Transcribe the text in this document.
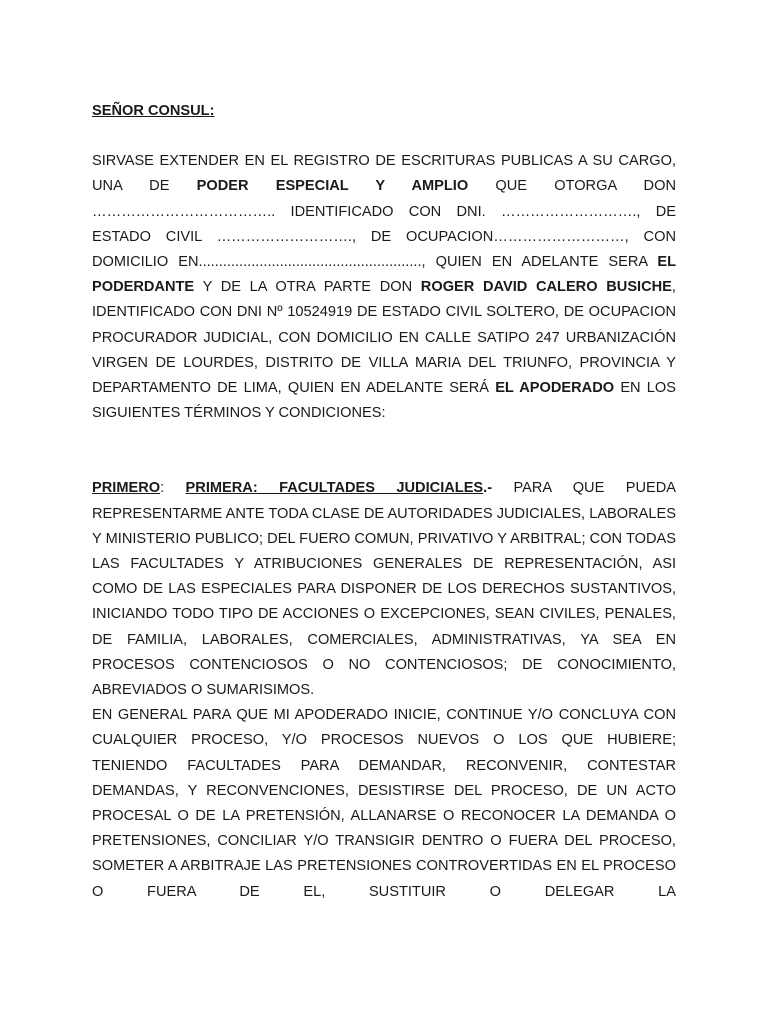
SEÑOR CONSUL:

SIRVASE EXTENDER EN EL REGISTRO DE ESCRITURAS PUBLICAS A SU CARGO, UNA DE PODER ESPECIAL Y AMPLIO QUE OTORGA DON ……………………………….. IDENTIFICADO CON DNI. ………………………., DE ESTADO CIVIL ………………………., DE OCUPACION………………………, CON DOMICILIO EN......................................................., QUIEN EN ADELANTE SERA EL PODERDANTE Y DE LA OTRA PARTE DON ROGER DAVID CALERO BUSICHE, IDENTIFICADO CON DNI Nº 10524919 DE ESTADO CIVIL SOLTERO, DE OCUPACION PROCURADOR JUDICIAL, CON DOMICILIO EN CALLE SATIPO 247 URBANIZACIÓN VIRGEN DE LOURDES, DISTRITO DE VILLA MARIA DEL TRIUNFO, PROVINCIA Y DEPARTAMENTO DE LIMA, QUIEN EN ADELANTE SERÁ EL APODERADO EN LOS SIGUIENTES TÉRMINOS Y CONDICIONES:

PRIMERO: PRIMERA: FACULTADES JUDICIALES.- PARA QUE PUEDA REPRESENTARME ANTE TODA CLASE DE AUTORIDADES JUDICIALES, LABORALES Y MINISTERIO PUBLICO; DEL FUERO COMUN, PRIVATIVO Y ARBITRAL; CON TODAS LAS FACULTADES Y ATRIBUCIONES GENERALES DE REPRESENTACIÓN, ASI COMO DE LAS ESPECIALES PARA DISPONER DE LOS DERECHOS SUSTANTIVOS, INICIANDO TODO TIPO DE ACCIONES O EXCEPCIONES, SEAN CIVILES, PENALES, DE FAMILIA, LABORALES, COMERCIALES, ADMINISTRATIVAS, YA SEA EN PROCESOS CONTENCIOSOS O NO CONTENCIOSOS; DE CONOCIMIENTO, ABREVIADOS O SUMARISIMOS.

EN GENERAL PARA QUE MI APODERADO INICIE, CONTINUE Y/O CONCLUYA CON CUALQUIER PROCESO, Y/O PROCESOS NUEVOS O LOS QUE HUBIERE; TENIENDO FACULTADES PARA DEMANDAR, RECONVENIR, CONTESTAR DEMANDAS, Y RECONVENCIONES, DESISTIRSE DEL PROCESO, DE UN ACTO PROCESAL O DE LA PRETENSIÓN, ALLANARSE O RECONOCER LA DEMANDA O PRETENSIONES, CONCILIAR Y/O TRANSIGIR DENTRO O FUERA DEL PROCESO, SOMETER A ARBITRAJE LAS PRETENSIONES CONTROVERTIDAS EN EL PROCESO O FUERA DE EL, SUSTITUIR O DELEGAR LA
